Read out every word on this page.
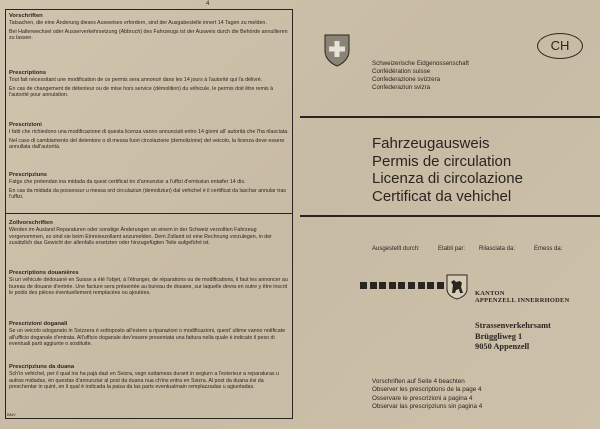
4
Vorschriften

Tatsachen, die eine Änderung dieses Ausweises erfordern, sind der Ausgabestelle innert 14 Tagen zu melden.

Bei Halterwechsel oder Ausserverkehrsetzung (Abbruch) des Fahrzeugs ist der Ausweis durch die Behörde annullieren zu lassen.

Prescriptions

Tout fait nécessitant une modification de ce permis sera annoncé dans les 14 jours à l'autorité qui l'a délivré.

En cas de changement de détenteur ou de mise hors service (démolition) du véhicule, le permis doit être remis à l'autorité pour annulation.

Prescrizioni

I fatti che richiedono una modificazione di questa licenza vanno annunciati entro 14 giorni all' autorità che l'ha rilasciata.

Nel caso di cambiamento del detentore o di messa fuori circolazione (demolizione) del veicolo, la licenza deve essere annullata dall'autorità.

Prescripziuns

Fatgs che pretendan ina midada da quest certificat èn d'annunziar a l'uffizi d'emissiun entaifer 14 dis.

En cas da midada da possessur u messa ord circulaziun (demoliziun) dal vehichel è il certificat da laschar annular tras l'uffizi.

Zollvorschriften

Werden im Ausland Reparaturen oder sonstige Änderungen an einem in der Schweiz verzollten Fahrzeug vorgenommen, so sind sie beim Einreisezollamt anzumelden. Dem Zollamt ist eine Rechnung vorzulegen, in der zusätzlich das Gewicht der allenfalls ersetzten oder hinzugefügten Teile aufgeführt ist.

Prescriptions douanières

Si un véhicule dédouané en Suisse a été l'objet, à l'étranger, de réparations ou de modifications, il faut les annoncer au bureau de douane d'entrée. Une facture sera présentée au bureau de douane, sur laquelle devra en outre y être inscrit le poids des pièces éventuellement remplacées ou ajoutées.

Prescrizioni doganali

Se un veicolo sdoganato in Svizzera è sottoposto all'estero a riparazioni o modificazioni, quest' ultime vanno notificate all'ufficio doganale d'entrata. All'ufficio doganale dev'essere presentata una fattura nella quale è indicato il peso di eventuali parti aggiunte o sostituite.

Prescripziuns da duana

Sch'in vehichel, per il qual ins ha pajà dazi en Svizra, vegn suttamess durant in segiurn a l'exterieur a reparaturas u autras midadas, èn questas d'annunziar al post da duana nua ch'ins entra en Svizra. Al post da duana èsi da preschentar in quint, en il qual è indicada la paisa da las parts eventualmain remplazzadas u agiuntadas.

BMV
Schweizerische Eidgenossenschaft
Confédération suisse
Confederazione svizzera
Confederaziun svizra
CH
Fahrzeugausweis
Permis de circulation
Licenza di circolazione
Certificat da vehichel
Ausgestellt durch:	Etabli par: Rilasciata da:	Emess da:
KANTON
APPENZELL INNERRHODEN
Strassenverkehrsamt
Brüggliweg 1
9050 Appenzell
Vorschriften auf Seite 4 beachten
Observer les prescriptions de la page 4
Osservare le prescrizioni a pagina 4
Observar las prescripziuns sin pagina 4
